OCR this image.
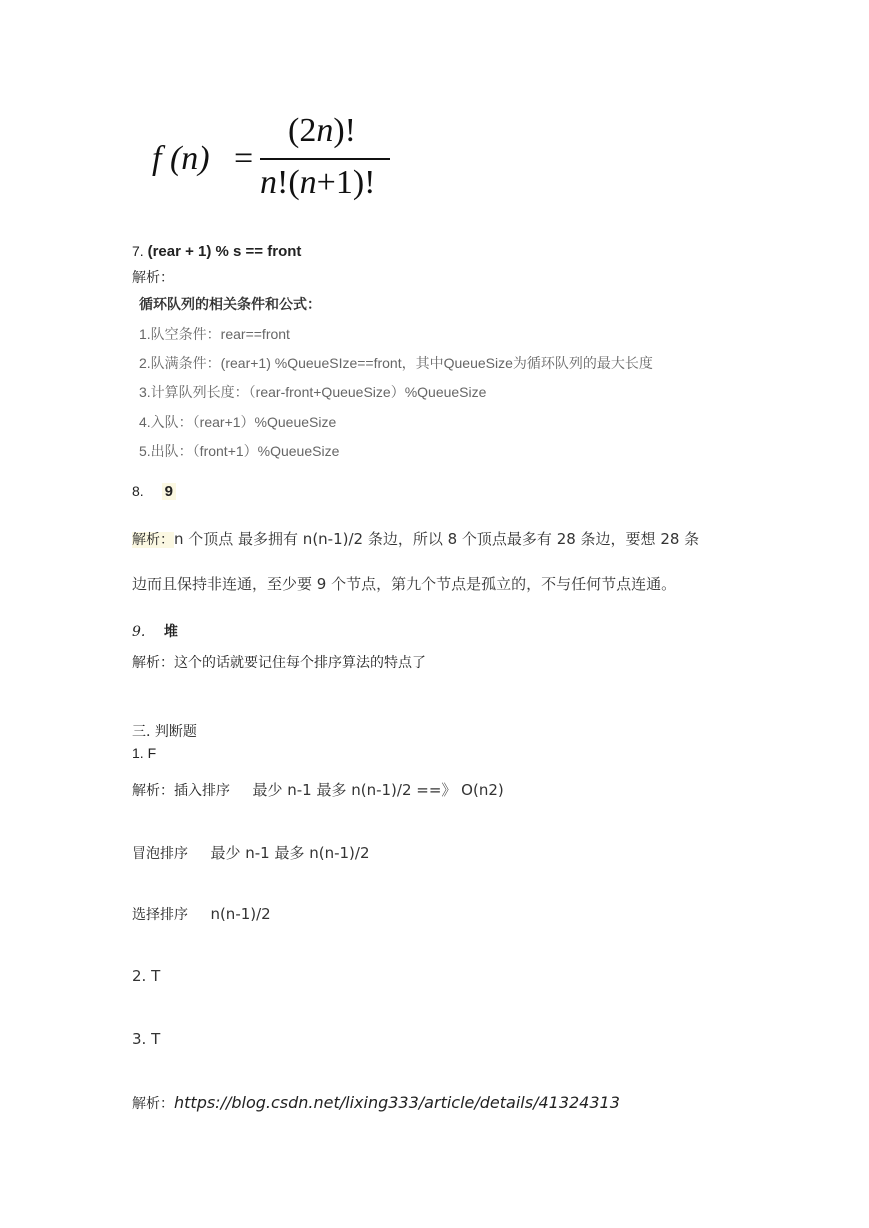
f (n) =
(2n)!
n!(n+1)!
7. (rear + 1) % s == front
解析：
循环队列的相关条件和公式：
1.队空条件：rear==front
2.队满条件：(rear+1) %QueueSIze==front，其中QueueSize为循环队列的最大长度
3.计算队列长度：（rear-front+QueueSize）%QueueSize
4.入队：（rear+1）%QueueSize
5.出队：（front+1）%QueueSize
8. 9
解析：n 个顶点 最多拥有 n(n-1)/2 条边，所以 8 个顶点最多有 28 条边，要想 28 条
边而且保持非连通，至少要 9 个节点，第九个节点是孤立的，不与任何节点连通。
9. 堆
解析：这个的话就要记住每个排序算法的特点了
三. 判断题
1. F
解析：插入排序 最少 n-1 最多 n(n-1)/2 ==》 O(n2)
冒泡排序 最少 n-1 最多 n(n-1)/2
选择排序 n(n-1)/2
2. T
3. T
解析：https://blog.csdn.net/lixing333/article/details/41324313
